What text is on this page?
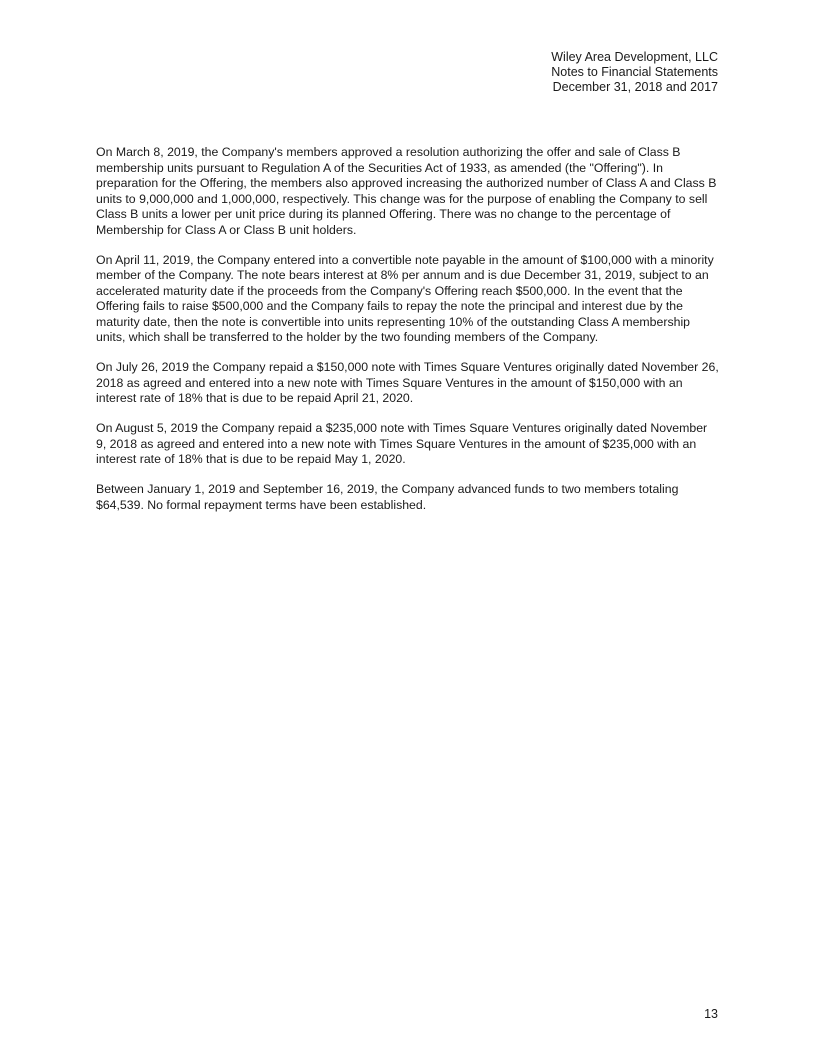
Wiley Area Development, LLC
Notes to Financial Statements
December 31, 2018 and 2017

On March 8, 2019, the Company's members approved a resolution authorizing the offer and sale of Class B membership units pursuant to Regulation A of the Securities Act of 1933, as amended (the "Offering"). In preparation for the Offering, the members also approved increasing the authorized number of Class A and Class B units to 9,000,000 and 1,000,000, respectively. This change was for the purpose of enabling the Company to sell Class B units a lower per unit price during its planned Offering. There was no change to the percentage of Membership for Class A or Class B unit holders.

On April 11, 2019, the Company entered into a convertible note payable in the amount of $100,000 with a minority member of the Company. The note bears interest at 8% per annum and is due December 31, 2019, subject to an accelerated maturity date if the proceeds from the Company's Offering reach $500,000. In the event that the Offering fails to raise $500,000 and the Company fails to repay the note the principal and interest due by the maturity date, then the note is convertible into units representing 10% of the outstanding Class A membership units, which shall be transferred to the holder by the two founding members of the Company.

On July 26, 2019 the Company repaid a $150,000 note with Times Square Ventures originally dated November 26, 2018 as agreed and entered into a new note with Times Square Ventures in the amount of $150,000 with an interest rate of 18% that is due to be repaid April 21, 2020.

On August 5, 2019 the Company repaid a $235,000 note with Times Square Ventures originally dated November 9, 2018 as agreed and entered into a new note with Times Square Ventures in the amount of $235,000 with an interest rate of 18% that is due to be repaid May 1, 2020.

Between January 1, 2019 and September 16, 2019, the Company advanced funds to two members totaling $64,539. No formal repayment terms have been established.

13
